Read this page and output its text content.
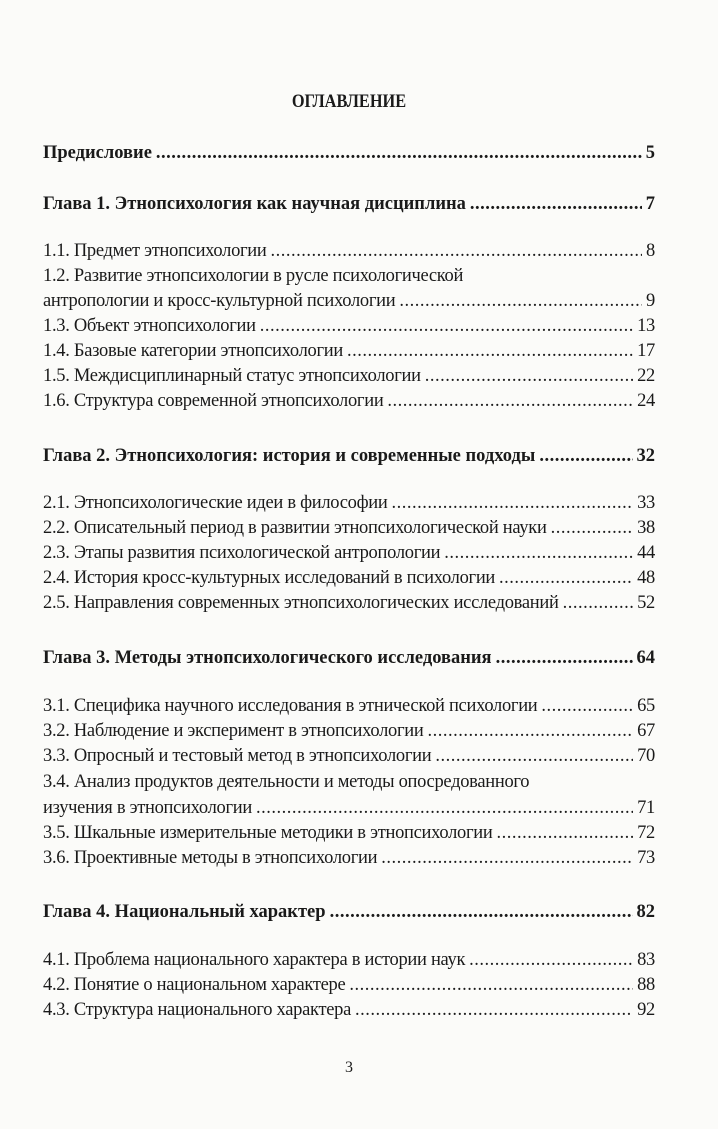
ОГЛАВЛЕНИЕ
Предисловие .....	5
Глава 1. Этнопсихология как научная дисциплина .....	7
1.1. Предмет этнопсихологии .....	8
1.2. Развитие этнопсихологии в русле психологической
антропологии и кросс-культурной психологии .....	9
1.3. Объект этнопсихологии .....	13
1.4. Базовые категории этнопсихологии .....	17
1.5. Междисциплинарный статус этнопсихологии .....	22
1.6. Структура современной этнопсихологии .....	24
Глава 2. Этнопсихология: история и современные подходы .....	32
2.1. Этнопсихологические идеи в философии .....	33
2.2. Описательный период в развитии этнопсихологической науки .....	38
2.3. Этапы развития психологической антропологии .....	44
2.4. История кросс-культурных исследований в психологии .....	48
2.5. Направления современных этнопсихологических исследований .....	52
Глава 3. Методы этнопсихологического исследования .....	64
3.1. Специфика научного исследования в этнической психологии .....	65
3.2. Наблюдение и эксперимент в этнопсихологии .....	67
3.3. Опросный и тестовый метод в этнопсихологии .....	70
3.4. Анализ продуктов деятельности и методы опосредованного
изучения в этнопсихологии .....	71
3.5. Шкальные измерительные методики в этнопсихологии .....	72
3.6. Проективные методы в этнопсихологии .....	73
Глава 4. Национальный характер .....	82
4.1. Проблема национального характера в истории наук .....	83
4.2. Понятие о национальном характере .....	88
4.3. Структура национального характера .....	92
3
